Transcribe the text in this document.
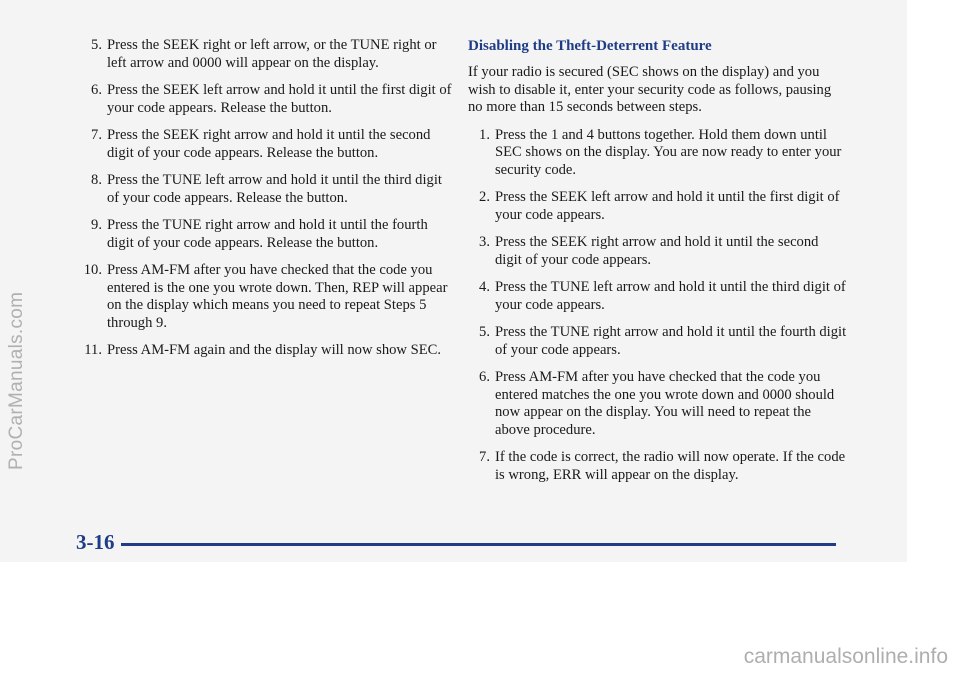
5. Press the SEEK right or left arrow, or the TUNE right or left arrow and 0000 will appear on the display.
6. Press the SEEK left arrow and hold it until the first digit of your code appears. Release the button.
7. Press the SEEK right arrow and hold it until the second digit of your code appears. Release the button.
8. Press the TUNE left arrow and hold it until the third digit of your code appears. Release the button.
9. Press the TUNE right arrow and hold it until the fourth digit of your code appears. Release the button.
10. Press AM-FM after you have checked that the code you entered is the one you wrote down. Then, REP will appear on the display which means you need to repeat Steps 5 through 9.
11. Press AM-FM again and the display will now show SEC.
Disabling the Theft-Deterrent Feature
If your radio is secured (SEC shows on the display) and you wish to disable it, enter your security code as follows, pausing no more than 15 seconds between steps.
1. Press the 1 and 4 buttons together. Hold them down until SEC shows on the display. You are now ready to enter your security code.
2. Press the SEEK left arrow and hold it until the first digit of your code appears.
3. Press the SEEK right arrow and hold it until the second digit of your code appears.
4. Press the TUNE left arrow and hold it until the third digit of your code appears.
5. Press the TUNE right arrow and hold it until the fourth digit of your code appears.
6. Press AM-FM after you have checked that the code you entered matches the one you wrote down and 0000 should now appear on the display. You will need to repeat the above procedure.
7. If the code is correct, the radio will now operate. If the code is wrong, ERR will appear on the display.
3-16
ProCarManuals.com
carmanualsonline.info
